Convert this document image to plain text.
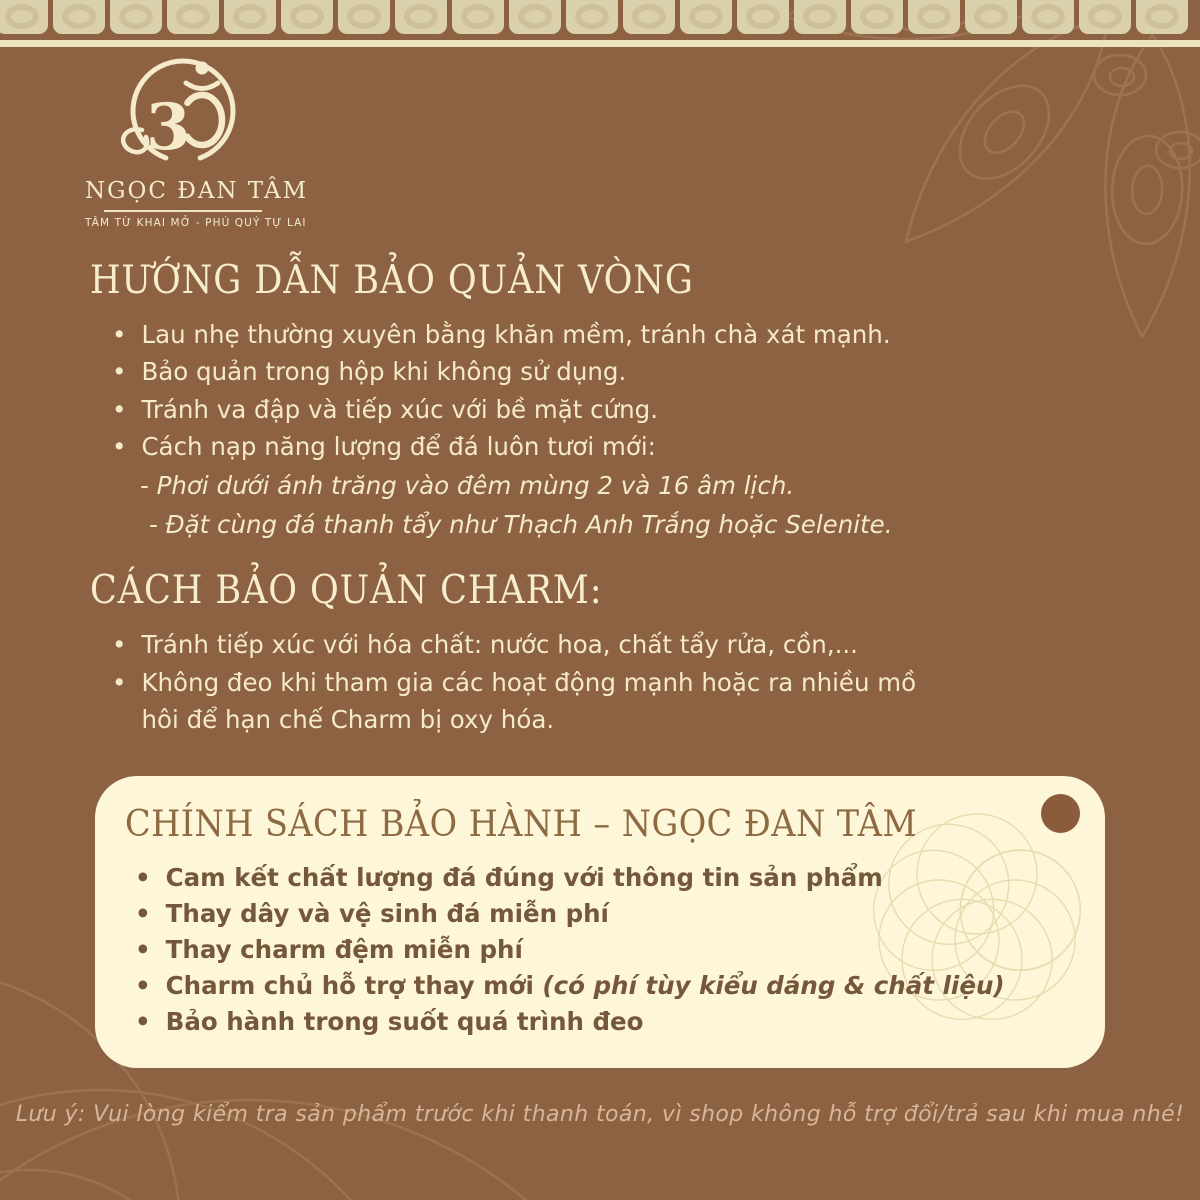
3
NGỌC ĐAN TÂM
TÂM TỪ KHAI MỞ - PHÚ QUÝ TỰ LAI
HƯỚNG DẪN BẢO QUẢN VÒNG
• Lau nhẹ thường xuyên bằng khăn mềm, tránh chà xát mạnh.
• Bảo quản trong hộp khi không sử dụng.
• Tránh va đập và tiếp xúc với bề mặt cứng.
• Cách nạp năng lượng để đá luôn tươi mới:
- Phơi dưới ánh trăng vào đêm mùng 2 và 16 âm lịch.
- Đặt cùng đá thanh tẩy như Thạch Anh Trắng hoặc Selenite.
CÁCH BẢO QUẢN CHARM:
• Tránh tiếp xúc với hóa chất: nước hoa, chất tẩy rửa, cồn,...
• Không đeo khi tham gia các hoạt động mạnh hoặc ra nhiều mồ hôi để hạn chế Charm bị oxy hóa.
CHÍNH SÁCH BẢO HÀNH – NGỌC ĐAN TÂM
• Cam kết chất lượng đá đúng với thông tin sản phẩm
• Thay dây và vệ sinh đá miễn phí
• Thay charm đệm miễn phí
• Charm chủ hỗ trợ thay mới (có phí tùy kiểu dáng & chất liệu)
• Bảo hành trong suốt quá trình đeo
Lưu ý: Vui lòng kiểm tra sản phẩm trước khi thanh toán, vì shop không hỗ trợ đổi/trả sau khi mua nhé!
